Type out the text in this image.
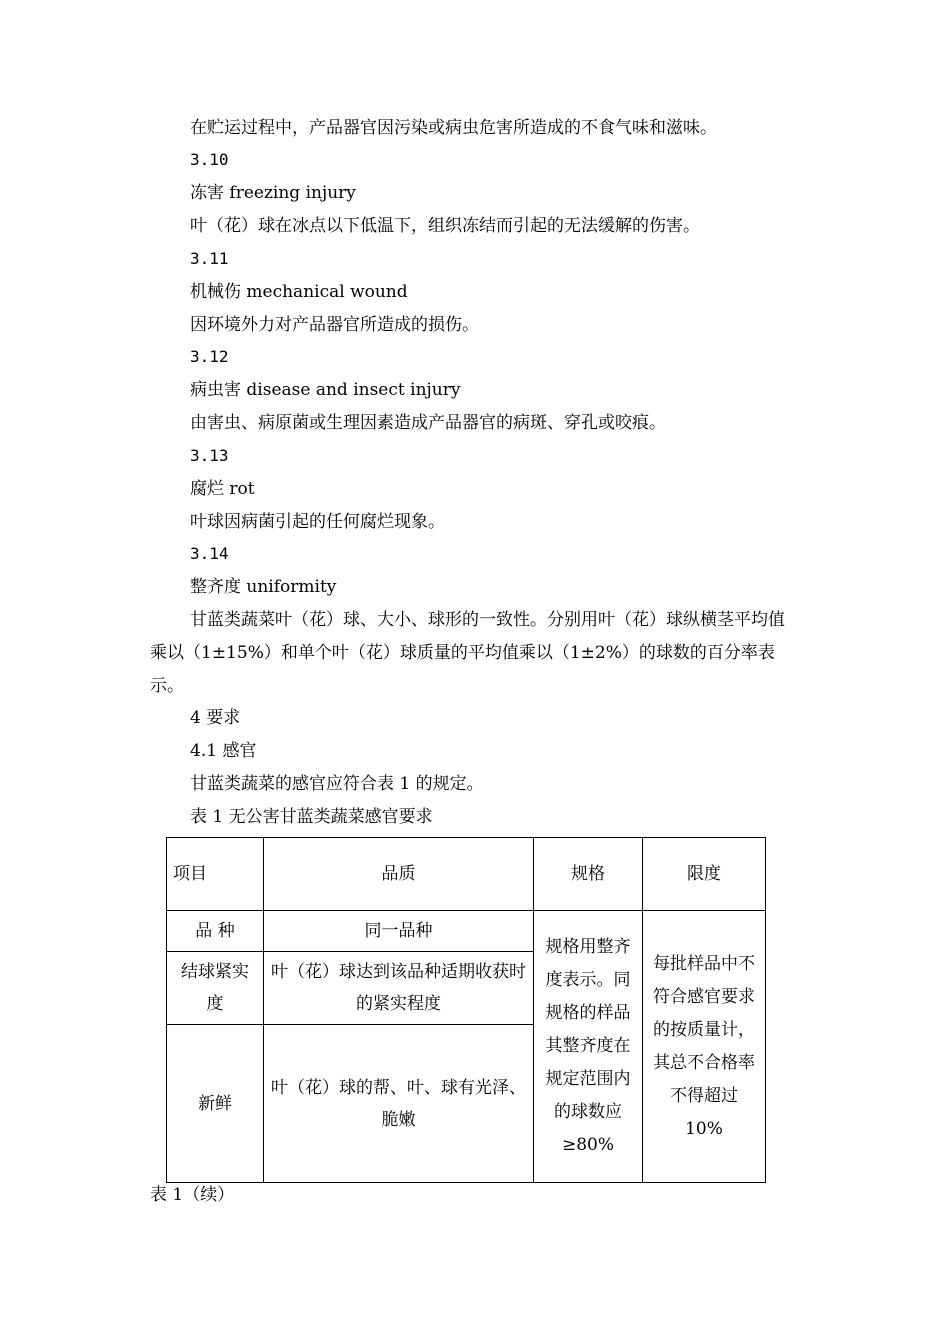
在贮运过程中，产品器官因污染或病虫危害所造成的不食气味和滋味。
3.10
冻害 freezing injury
叶（花）球在冰点以下低温下，组织冻结而引起的无法缓解的伤害。
3.11
机械伤 mechanical wound
因环境外力对产品器官所造成的损伤。
3.12
病虫害 disease and insect injury
由害虫、病原菌或生理因素造成产品器官的病斑、穿孔或咬痕。
3.13
腐烂 rot
叶球因病菌引起的任何腐烂现象。
3.14
整齐度 uniformity
甘蓝类蔬菜叶（花）球、大小、球形的一致性。分别用叶（花）球纵横茎平均值乘以（1±15%）和单个叶（花）球质量的平均值乘以（1±2%）的球数的百分率表示。
4 要求
4.1 感官
甘蓝类蔬菜的感官应符合表 1 的规定。
表 1 无公害甘蓝类蔬菜感官要求
项目	品质	规格	限度
品 种	同一品种	规格用整齐度表示。同规格的样品其整齐度在规定范围内的球数应≥80%	每批样品中不符合感官要求的按质量计，其总不合格率不得超过 10%
结球紧实度	叶（花）球达到该品种适期收获时的紧实程度		
新鲜	叶（花）球的帮、叶、球有光泽、脆嫩		
表 1（续）
